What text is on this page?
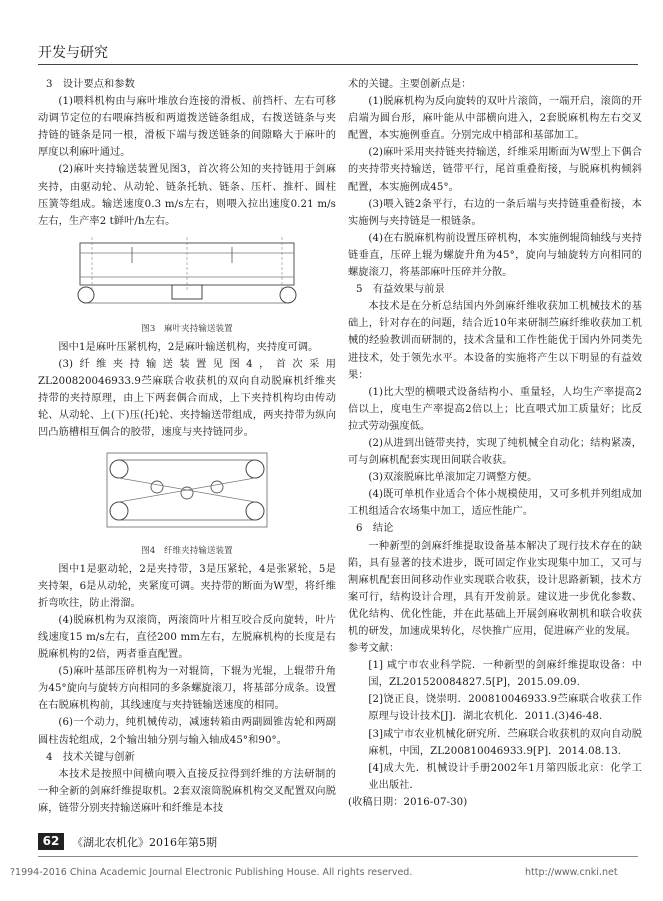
开发与研究

3　设计要点和参数

(1)喂料机构由与麻叶堆放台连接的滑板、前挡杆、左右可移动调节定位的右喂麻挡板和两道拨送链条组成，右拨送链条与夹持链的链条是同一根，滑板下端与拨送链条的间隙略大于麻叶的厚度以利麻叶通过。

(2)麻叶夹持输送装置见图3，首次将公知的夹持链用于剑麻夹持，由驱动轮、从动轮、链条托轨、链条、压杆、推杆、圆柱压簧等组成。输送速度0.3 m/s左右，则喂入拉出速度0.21 m/s左右，生产率2 t鲜叶/h左右。

图3　麻叶夹持输送装置

图中1是麻叶压紧机构，2是麻叶输送机构，夹持度可调。

(3)纤维夹持输送装置见图4，首次采用ZL200820046933.9苎麻联合收获机的双向自动脱麻机纤维夹持带的夹持原理，由上下两套偶合而成，上下夹持机构均由传动轮、从动轮、上(下)压(托)轮、夹持输送带组成，两夹持带为纵向凹凸筋槽相互偶合的胶带，速度与夹持链同步。

图4　纤维夹持输送装置

图中1是驱动轮，2是夹持带，3是压紧轮，4是张紧轮，5是夹持架，6是从动轮，夹紧度可调。夹持带的断面为W型，将纤维折弯吹往，防止滑溜。

(4)脱麻机构为双滚筒，两滚筒叶片相互咬合反向旋转，叶片线速度15 m/s左右，直径200 mm左右，左脱麻机构的长度是右脱麻机构的2倍，两者垂直配置。

(5)麻叶基部压碎机构为一对辊筒，下辊为光辊，上辊带升角为45°旋向与旋转方向相同的多条螺旋滚刀，将基部分成条。设置在右脱麻机构前，其线速度与夹持链输送速度的相同。

(6)一个动力，纯机械传动，减速转箱由两副圆锥齿轮和两副圆柱齿轮组成，2个输出轴分别与输入轴成45°和90°。

4　技术关键与创新

本技术是按照中间横向喂入直接反拉得到纤维的方法研制的一种全新的剑麻纤维提取机。2套双滚筒脱麻机构交叉配置双向脱麻，链带分别夹持输送麻叶和纤维是本技

术的关键。主要创新点是：

(1)脱麻机构为反向旋转的双叶片滚筒，一端开启，滚筒的开启端为圆台形，麻叶能从中部横向进入，2套脱麻机构左右交叉配置，本实施例垂直。分别完成中梢部和基部加工。

(2)麻叶采用夹持链夹持输送，纤维采用断面为W型上下偶合的夹持带夹持输送，链带平行，尾首重叠衔接，与脱麻机构倾斜配置，本实施例成45°。

(3)喂入链2条平行，右边的一条后端与夹持链重叠衔接，本实施例与夹持链是一根链条。

(4)在右脱麻机构前设置压碎机构，本实施例辊筒轴线与夹持链垂直，压碎上辊为螺旋升角为45°，旋向与轴旋转方向相同的螺旋滚刀，将基部麻叶压碎并分散。

5　有益效果与前景

本技术是在分析总结国内外剑麻纤维收获加工机械技术的基础上，针对存在的问题，结合近10年来研制苎麻纤维收获加工机械的经验教训而研制的，技术含量和工作性能优于国内外同类先进技术，处于领先水平。本设备的实施将产生以下明显的有益效果：

(1)比大型的横喂式设备结构小、重量轻，人均生产率提高2倍以上，度电生产率提高2倍以上；比直喂式加工质量好；比反拉式劳动强度低。

(2)从进到出链带夹持，实现了纯机械全自动化；结构紧凑，可与剑麻机配套实现田间联合收获。

(3)双滚脱麻比单滚加定刀调整方便。

(4)既可单机作业适合个体小规模使用，又可多机并列组成加工机组适合农场集中加工，适应性能广。

6　结论

一种新型的剑麻纤维提取设备基本解决了现行技术存在的缺陷，具有显著的技术进步，既可固定作业实现集中加工，又可与割麻机配套田间移动作业实现联合收获，设计思路新颖，技术方案可行，结构设计合理，具有开发前景。建议进一步优化参数、优化结构、优化性能，并在此基础上开展剑麻收割机和联合收获机的研发，加速成果转化，尽快推广应用，促进麻产业的发展。

参考文献：

[1] 咸宁市农业科学院．一种新型的剑麻纤维提取设备：中国，ZL201520084827.5[P]，2015.09.09.

[2]饶正良，饶崇明．200810046933.9苎麻联合收获工作原理与设计技术[J]．湖北农机化．2011.(3)46-48.

[3]咸宁市农业机械化研究所．苎麻联合收获机的双向自动脱麻机，中国，ZL200810046933.9[P]．2014.08.13.

[4]成大先．机械设计手册2002年1月第四版北京：化学工业出版社．

(收稿日期：2016-07-30)

62	《湖北农机化》2016年第5期
?1994-2016 China Academic Journal Electronic Publishing House. All rights reserved.	http://www.cnki.net
